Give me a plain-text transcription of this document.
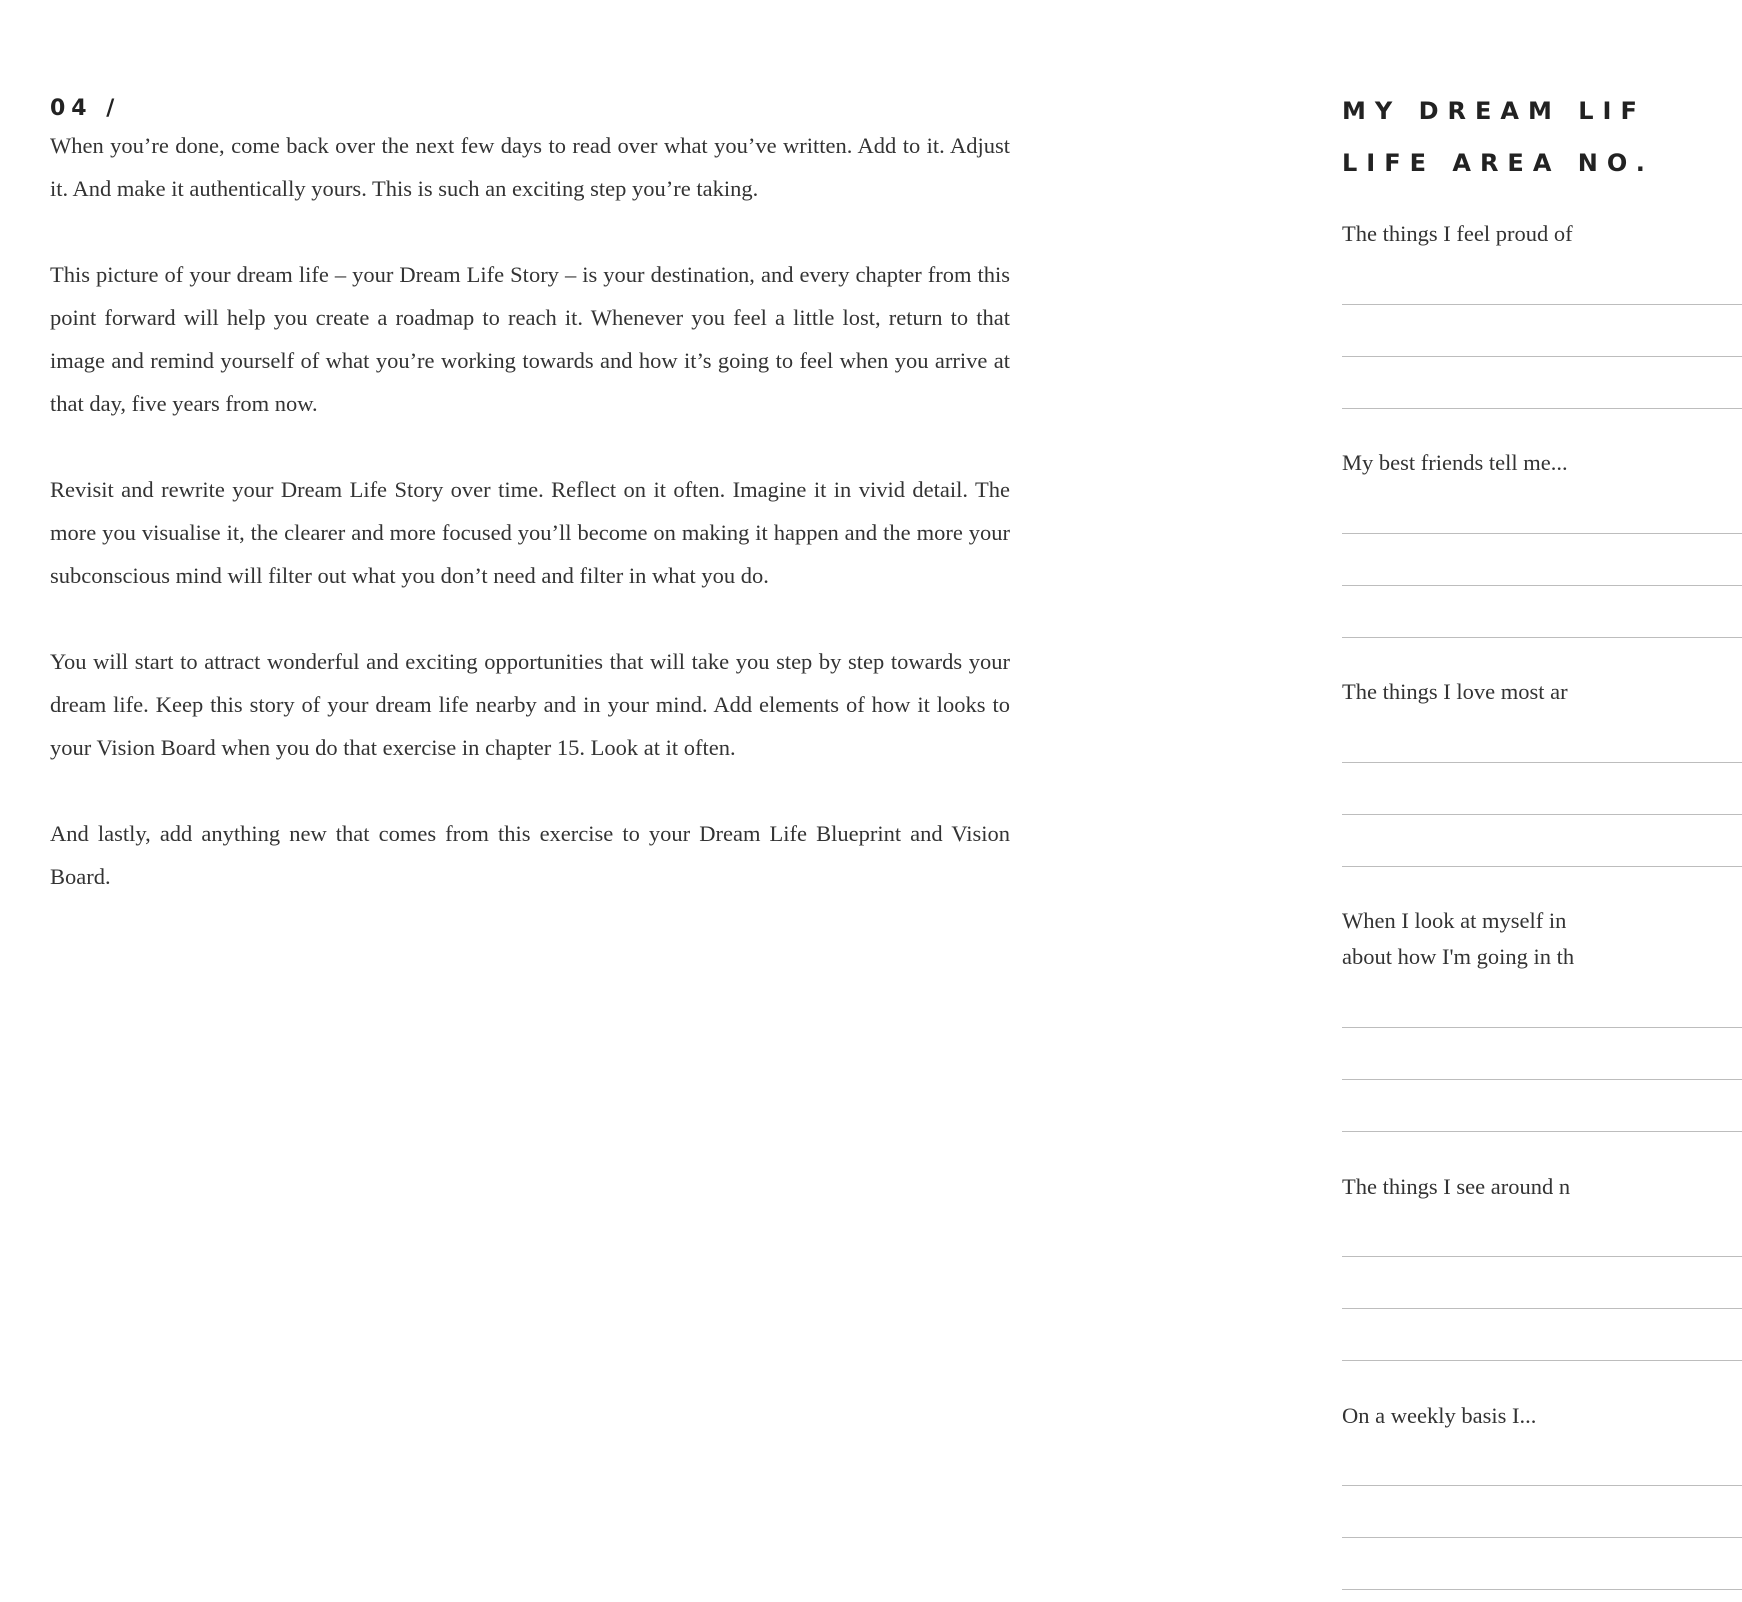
04 /

When you’re done, come back over the next few days to read over what you’ve written. Add to it. Adjust it. And make it authentically yours. This is such an exciting step you’re taking.

This picture of your dream life – your Dream Life Story – is your destination, and every chapter from this point forward will help you create a roadmap to reach it. Whenever you feel a little lost, return to that image and remind yourself of what you’re working towards and how it’s going to feel when you arrive at that day, five years from now.

Revisit and rewrite your Dream Life Story over time. Reflect on it often. Imagine it in vivid detail. The more you visualise it, the clearer and more focused you’ll become on making it happen and the more your subconscious mind will filter out what you don’t need and filter in what you do.

You will start to attract wonderful and exciting opportunities that will take you step by step towards your dream life. Keep this story of your dream life nearby and in your mind. Add elements of how it looks to your Vision Board when you do that exercise in chapter 15. Look at it often.

And lastly, add anything new that comes from this exercise to your Dream Life Blueprint and Vision Board.

MY DREAM LIF
LIFE AREA NO.

The things I feel proud of

My best friends tell me...

The things I love most ar

When I look at myself in

about how I'm going in th

The things I see around n

On a weekly basis I...
